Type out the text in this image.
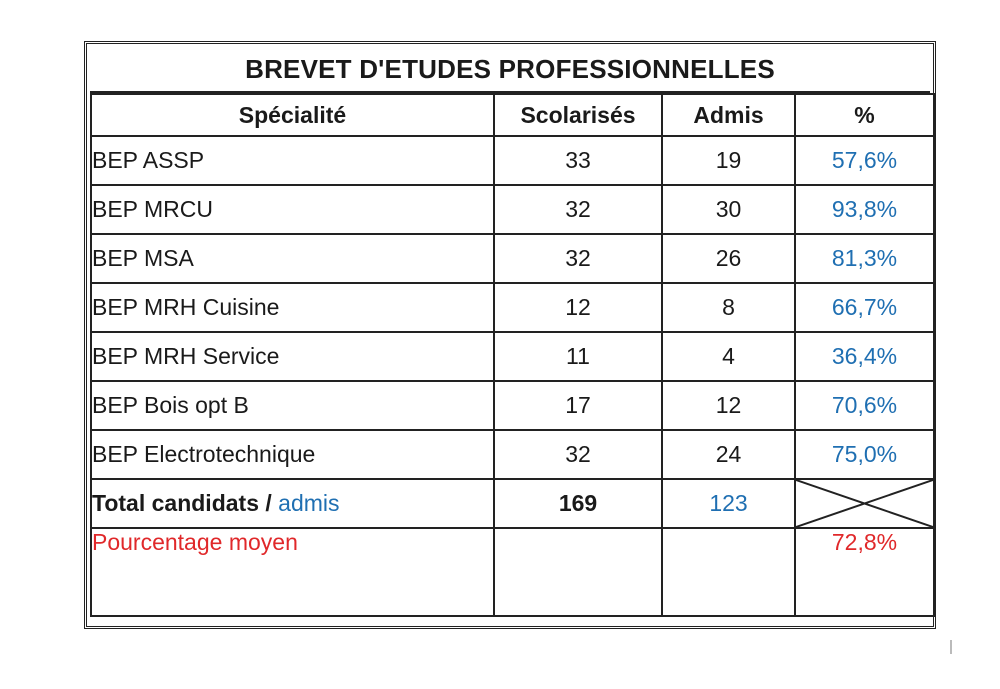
BREVET D'ETUDES PROFESSIONNELLES
Spécialité	Scolarisés	Admis	%
BEP ASSP	33	19	57,6%
BEP MRCU	32	30	93,8%
BEP MSA	32	26	81,3%
BEP MRH Cuisine	12	8	66,7%
BEP MRH Service	11	4	36,4%
BEP Bois opt B	17	12	70,6%
BEP Electrotechnique	32	24	75,0%
Total candidats / admis	169	123	

Pourcentage moyen			72,8%
